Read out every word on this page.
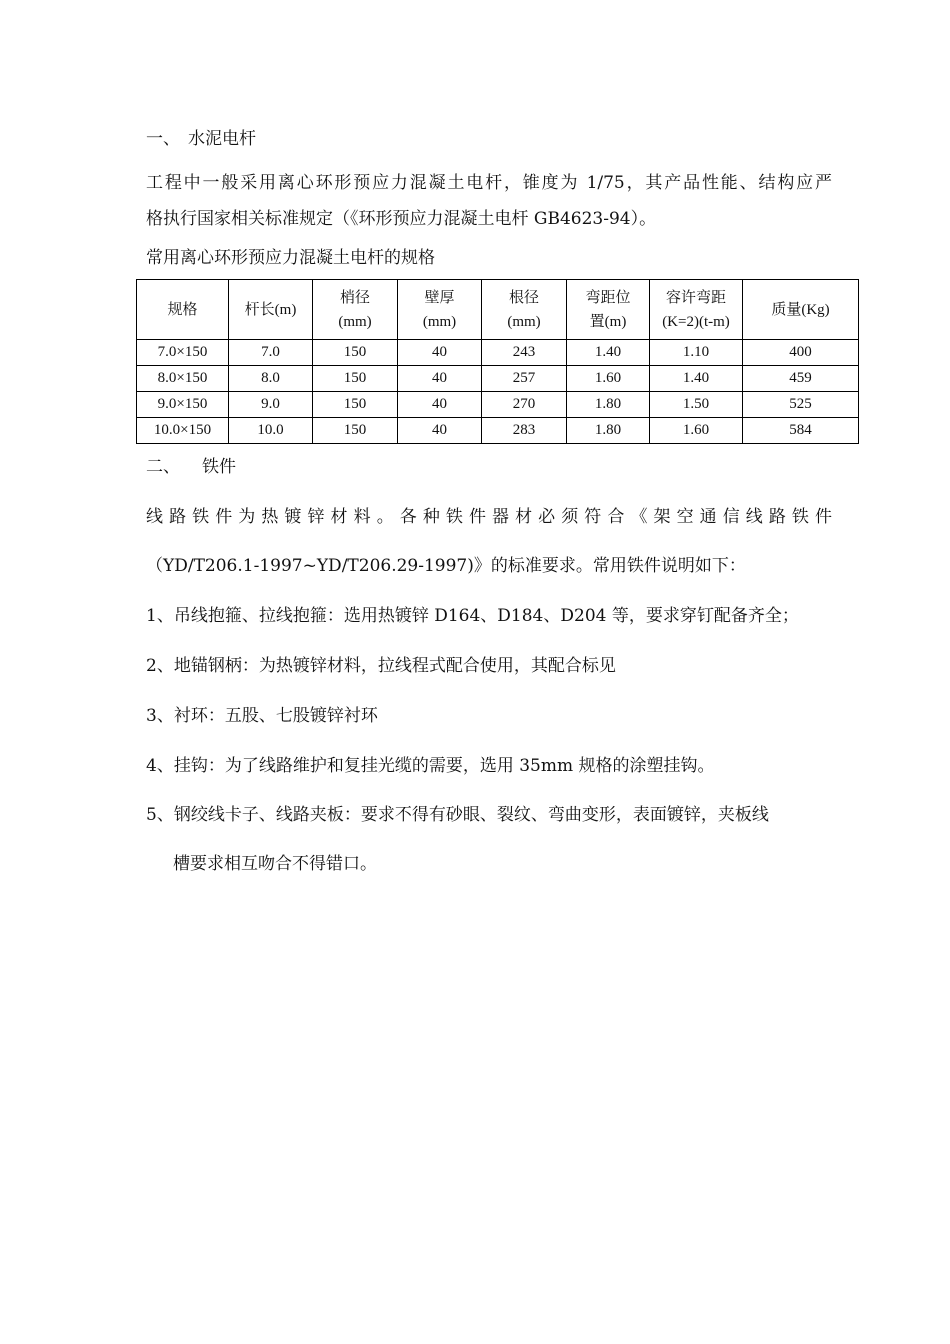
一、 水泥电杆
工程中一般采用离心环形预应力混凝土电杆，锥度为 1/75，其产品性能、结构应严
格执行国家相关标准规定（《环形预应力混凝土电杆 GB4623-94）。
常用离心环形预应力混凝土电杆的规格
规格	杆长(m)	梢径
(mm)	壁厚
(mm)	根径
(mm)	弯距位
置(m)	容许弯距
(K=2)(t-m)	质量(Kg)
7.0×150	7.0	150	40	243	1.40	1.10	400
8.0×150	8.0	150	40	257	1.60	1.40	459
9.0×150	9.0	150	40	270	1.80	1.50	525
10.0×150	10.0	150	40	283	1.80	1.60	584
二、 铁件
线路铁件为热镀锌材料。各种铁件器材必须符合《架空通信线路铁件
（YD/T206.1-1997~YD/T206.29-1997)》的标准要求。常用铁件说明如下：
1、吊线抱箍、拉线抱箍：选用热镀锌 D164、D184、D204 等，要求穿钉配备齐全；
2、地锚钢柄：为热镀锌材料，拉线程式配合使用，其配合标见
3、衬环：五股、七股镀锌衬环
4、挂钩：为了线路维护和复挂光缆的需要，选用 35mm 规格的涂塑挂钩。
5、钢绞线卡子、线路夹板：要求不得有砂眼、裂纹、弯曲变形，表面镀锌，夹板线
槽要求相互吻合不得错口。
